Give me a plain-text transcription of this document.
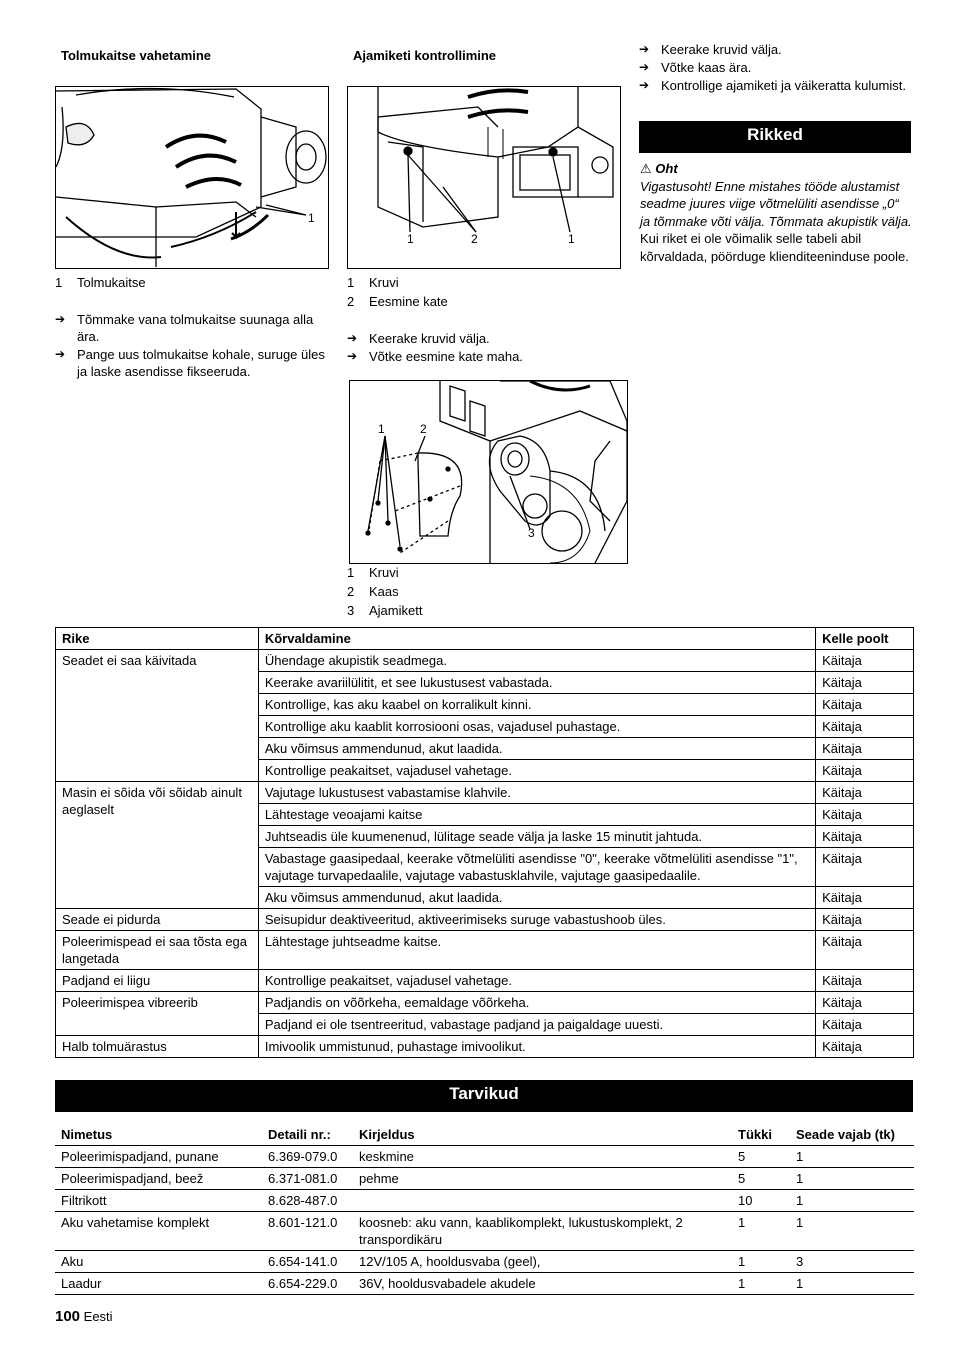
Tolmukaitse vahetamine
1
1	Tolmukaitse
➔ Tõmmake vana tolmukaitse suunaga alla ära.
➔ Pange uus tolmukaitse kohale, suruge üles ja laske asendisse fikseeruda.
Ajamiketi kontrollimine
1	2	1
1	Kruvi
2	Eesmine kate
➔ Keerake kruvid välja.
➔ Võtke eesmine kate maha.
1	2
3
1	Kruvi
2	Kaas
3	Ajamikett
➔ Keerake kruvid välja.
➔ Võtke kaas ära.
➔ Kontrollige ajamiketi ja väikeratta kulumist.
Rikked
⚠ Oht
Vigastusoht! Enne mistahes tööde alustamist seadme juures viige võtmelüliti asendisse „0“ ja tõmmake võti välja. Tõmmata akupistik välja.
Kui riket ei ole võimalik selle tabeli abil kõrvaldada, pöörduge klienditeeninduse poole.
Rike	Kõrvaldamine	Kelle poolt
Seadet ei saa käivitada	Ühendage akupistik seadmega.	Käitaja
	Keerake avariilülitit, et see lukustusest vabastada.	Käitaja
	Kontrollige, kas aku kaabel on korralikult kinni.	Käitaja
	Kontrollige aku kaablit korrosiooni osas, vajadusel puhastage.	Käitaja
	Aku võimsus ammendunud, akut laadida.	Käitaja
	Kontrollige peakaitset, vajadusel vahetage.	Käitaja
Masin ei sõida või sõidab ainult aeglaselt	Vajutage lukustusest vabastamise klahvile.	Käitaja
	Lähtestage veoajami kaitse	Käitaja
	Juhtseadis üle kuumenenud, lülitage seade välja ja laske 15 minutit jahtuda.	Käitaja
	Vabastage gaasipedaal, keerake võtmelüliti asendisse "0", keerake võtmelüliti asendisse "1", vajutage turvapedaalile, vajutage vabastusklahvile, vajutage gaasipedaalile.	Käitaja
	Aku võimsus ammendunud, akut laadida.	Käitaja
Seade ei pidurda	Seisupidur deaktiveeritud, aktiveerimiseks suruge vabastushoob üles.	Käitaja
Poleerimispead ei saa tõsta ega langetada	Lähtestage juhtseadme kaitse.	Käitaja
Padjand ei liigu	Kontrollige peakaitset, vajadusel vahetage.	Käitaja
Poleerimispea vibreerib	Padjandis on võõrkeha, eemaldage võõrkeha.	Käitaja
	Padjand ei ole tsentreeritud, vabastage padjand ja paigaldage uuesti.	Käitaja
Halb tolmuärastus	Imivoolik ummistunud, puhastage imivoolikut.	Käitaja
Tarvikud
Nimetus	Detaili nr.:	Kirjeldus	Tükki	Seade vajab (tk)
Poleerimispadjand, punane	6.369-079.0	keskmine	5	1
Poleerimispadjand, beež	6.371-081.0	pehme	5	1
Filtrikott	8.628-487.0		10	1
Aku vahetamise komplekt	8.601-121.0	koosneb: aku vann, kaablikomplekt, lukustuskomplekt, 2 transpordikäru	1	1
Aku	6.654-141.0	12V/105 A, hooldusvaba (geel),	1	3
Laadur	6.654-229.0	36V, hooldusvabadele akudele	1	1
100 Eesti
